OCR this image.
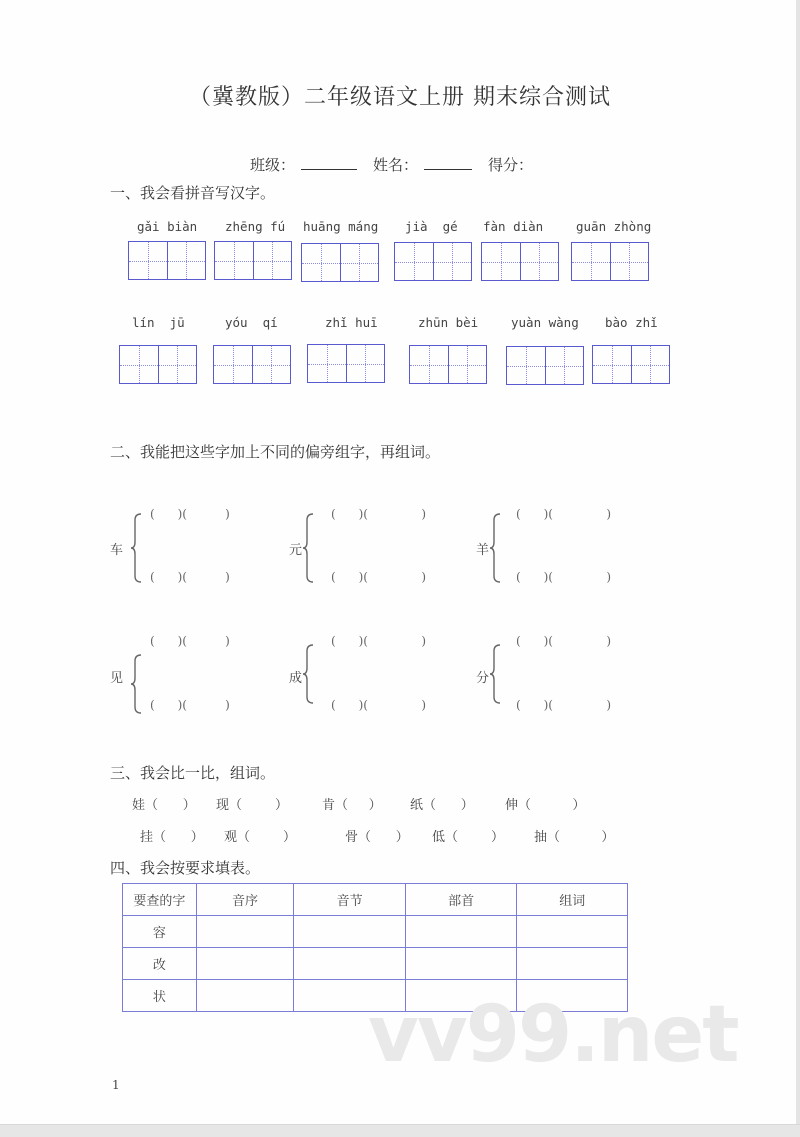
（冀教版）二年级语文上册 期末综合测试
班级：	姓名：	得分：
一、我会看拼音写汉字。
gǎi biàn zhēng fú huāng máng jià  gé fàn diàn	guān zhòng
lín  jū	yóu  qí	zhǐ huī	zhūn bèi	yuàn wàng bào zhǐ
二、我能把这些字加上不同的偏旁组字，再组词。
车
(      )(          )
(      )(          )
元
(      )(              )
(      )(              )
羊
(      )(              )
(      )(              )
见
(      )(          )
(      )(          )
成
(      )(              )
(      )(              )
分
(      )(              )
(      )(              )
三、我会比一比，组词。
娃（      ） 现（        ）	肯（     ） 纸（      ） 伸（          ）
挂（      ） 观（        ）	骨（      ） 低（        ） 抽（          ）
四、我会按要求填表。
要查的字	音序	音节	部首	组词
容				
改				
状					vv99.net
1
